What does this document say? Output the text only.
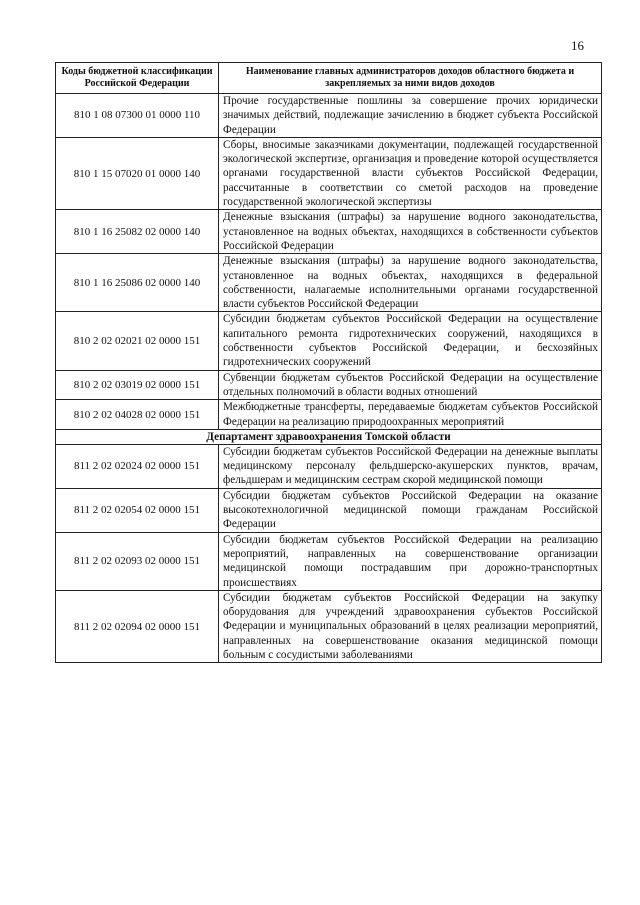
16
Коды бюджетной классификации Российской Федерации	Наименование главных администраторов доходов областного бюджета и закрепляемых за ними видов доходов
810 1 08 07300 01 0000 110	Прочие государственные пошлины за совершение прочих юридически значимых действий, подлежащие зачислению в бюджет субъекта Российской Федерации
810 1 15 07020 01 0000 140	Сборы, вносимые заказчиками документации, подлежащей государственной экологической экспертизе, организация и проведение которой осуществляется органами государственной власти субъектов Российской Федерации, рассчитанные в соответствии со сметой расходов на проведение государственной экологической экспертизы
810 1 16 25082 02 0000 140	Денежные взыскания (штрафы) за нарушение водного законодательства, установленное на водных объектах, находящихся в собственности субъектов Российской Федерации
810 1 16 25086 02 0000 140	Денежные взыскания (штрафы) за нарушение водного законодательства, установленное на водных объектах, находящихся в федеральной собственности, налагаемые исполнительными органами государственной власти субъектов Российской Федерации
810 2 02 02021 02 0000 151	Субсидии бюджетам субъектов Российской Федерации на осуществление капитального ремонта гидротехнических сооружений, находящихся в собственности субъектов Российской Федерации, и бесхозяйных гидротехнических сооружений
810 2 02 03019 02 0000 151	Субвенции бюджетам субъектов Российской Федерации на осуществление отдельных полномочий в области водных отношений
810 2 02 04028 02 0000 151	Межбюджетные трансферты, передаваемые бюджетам субъектов Российской Федерации на реализацию природоохранных мероприятий
Департамент здравоохранения Томской области	
811 2 02 02024 02 0000 151	Субсидии бюджетам субъектов Российской Федерации на денежные выплаты медицинскому персоналу фельдшерско-акушерских пунктов, врачам, фельдшерам и медицинским сестрам скорой медицинской помощи
811 2 02 02054 02 0000 151	Субсидии бюджетам субъектов Российской Федерации на оказание высокотехнологичной медицинской помощи гражданам Российской Федерации
811 2 02 02093 02 0000 151	Субсидии бюджетам субъектов Российской Федерации на реализацию мероприятий, направленных на совершенствование организации медицинской помощи пострадавшим при дорожно-транспортных происшествиях
811 2 02 02094 02 0000 151	Субсидии бюджетам субъектов Российской Федерации на закупку оборудования для учреждений здравоохранения субъектов Российской Федерации и муниципальных образований в целях реализации мероприятий, направленных на совершенствование оказания медицинской помощи больным с сосудистыми заболеваниями
